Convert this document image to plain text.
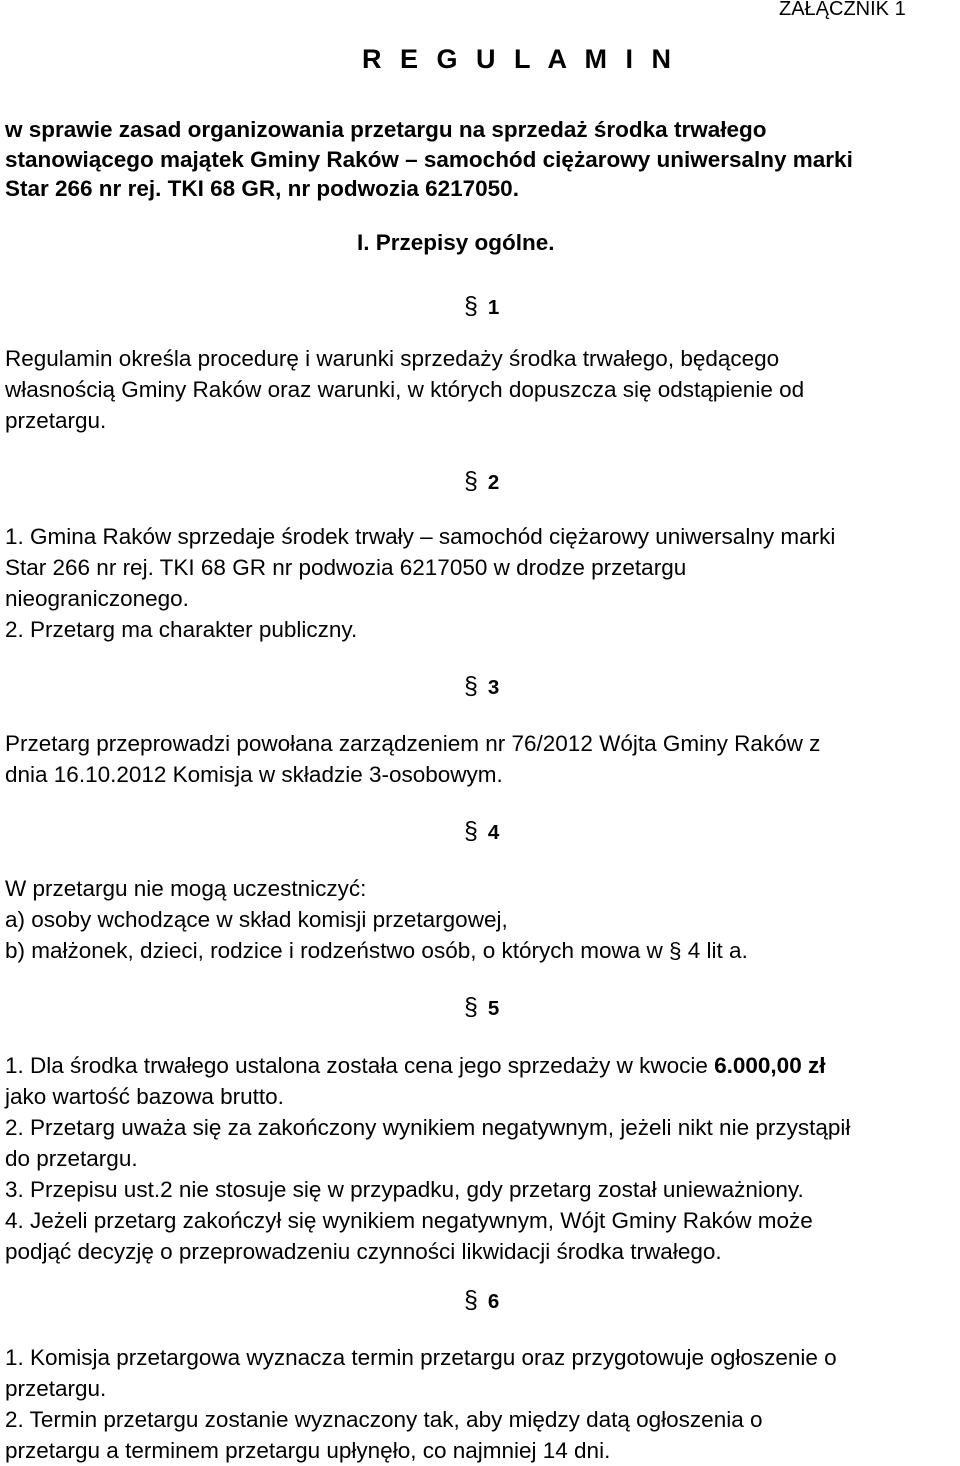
ZAŁĄCZNIK 1
R E G U L A M I N
w sprawie zasad organizowania przetargu na sprzedaż środka trwałego
stanowiącego majątek Gminy Raków – samochód ciężarowy uniwersalny marki
Star 266 nr rej. TKI 68 GR, nr podwozia 6217050.
I. Przepisy ogólne.
§ 1
Regulamin określa procedurę i warunki sprzedaży środka trwałego, będącego
własnością Gminy Raków oraz warunki, w których dopuszcza się odstąpienie od
przetargu.
§ 2
1. Gmina Raków sprzedaje środek trwały – samochód ciężarowy uniwersalny marki
Star 266 nr rej. TKI 68 GR nr podwozia 6217050 w drodze przetargu
nieograniczonego.
2. Przetarg ma charakter publiczny.
§ 3
Przetarg przeprowadzi powołana zarządzeniem nr 76/2012 Wójta Gminy Raków z
dnia 16.10.2012 Komisja w składzie 3-osobowym.
§ 4
W przetargu nie mogą uczestniczyć:
a) osoby wchodzące w skład komisji przetargowej,
b) małżonek, dzieci, rodzice i rodzeństwo osób, o których mowa w § 4 lit a.
§ 5
1. Dla środka trwałego ustalona została cena jego sprzedaży w kwocie 6.000,00 zł
jako wartość bazowa brutto.
2. Przetarg uważa się za zakończony wynikiem negatywnym, jeżeli nikt nie przystąpił
do przetargu.
3. Przepisu ust.2 nie stosuje się w przypadku, gdy przetarg został unieważniony.
4. Jeżeli przetarg zakończył się wynikiem negatywnym, Wójt Gminy Raków może
podjąć decyzję o przeprowadzeniu czynności likwidacji środka trwałego.
§ 6
1. Komisja przetargowa wyznacza termin przetargu oraz przygotowuje ogłoszenie o
przetargu.
2. Termin przetargu zostanie wyznaczony tak, aby między datą ogłoszenia o
przetargu a terminem przetargu upłynęło, co najmniej 14 dni.
